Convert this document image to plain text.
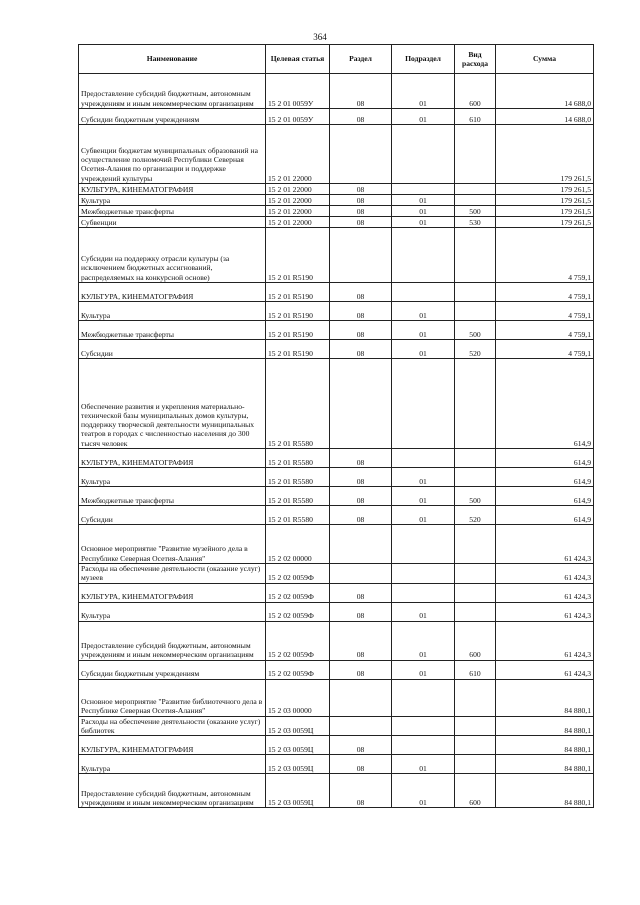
364
Наименование	Целевая статья	Раздел	Подраздел	Вид расхода	Сумма

Предоставление субсидий бюджетным, автономным учреждениям и иным некоммерческим организациям	15 2 01 0059У	08	01	600	14 688,0

Субсидии бюджетным учреждениям	15 2 01 0059У	08	01	610	14 688,0

Субвенции бюджетам муниципальных образований на осуществление полномочий Республики Северная Осетия-Алания по организации и поддержке учреждений культуры	15 2 01 22000				179 261,5

КУЛЬТУРА, КИНЕМАТОГРАФИЯ	15 2 01 22000	08			179 261,5

Культура	15 2 01 22000	08	01		179 261,5

Межбюджетные трансферты	15 2 01 22000	08	01	500	179 261,5

Субвенции	15 2 01 22000	08	01	530	179 261,5

Субсидии на поддержку отрасли культуры (за исключением бюджетных ассигнований, распределяемых на конкурсной основе)	15 2 01 R5190				4 759,1

КУЛЬТУРА, КИНЕМАТОГРАФИЯ	15 2 01 R5190	08			4 759,1

Культура	15 2 01 R5190	08	01		4 759,1

Межбюджетные трансферты	15 2 01 R5190	08	01	500	4 759,1

Субсидии	15 2 01 R5190	08	01	520	4 759,1

Обеспечение развития и укрепления материально-технической базы муниципальных домов культуры, поддержку творческой деятельности муниципальных театров в городах с численностью населения до 300 тысяч человек	15 2 01 R5580				614,9

КУЛЬТУРА, КИНЕМАТОГРАФИЯ	15 2 01 R5580	08			614,9

Культура	15 2 01 R5580	08	01		614,9

Межбюджетные трансферты	15 2 01 R5580	08	01	500	614,9

Субсидии	15 2 01 R5580	08	01	520	614,9

Основное мероприятие "Развитие музейного дела в Республике Северная Осетия-Алания"	15 2 02 00000				61 424,3

Расходы на обеспечение деятельности (оказание услуг) музеев	15 2 02 0059Ф				61 424,3

КУЛЬТУРА, КИНЕМАТОГРАФИЯ	15 2 02 0059Ф	08			61 424,3

Культура	15 2 02 0059Ф	08	01		61 424,3

Предоставление субсидий бюджетным, автономным учреждениям и иным некоммерческим организациям	15 2 02 0059Ф	08	01	600	61 424,3

Субсидии бюджетным учреждениям	15 2 02 0059Ф	08	01	610	61 424,3

Основное мероприятие "Развитие библиотечного дела в Республике Северная Осетия-Алания"	15 2 03 00000				84 880,1

Расходы на обеспечение деятельности (оказание услуг) библиотек	15 2 03 0059Ц				84 880,1

КУЛЬТУРА, КИНЕМАТОГРАФИЯ	15 2 03 0059Ц	08			84 880,1

Культура	15 2 03 0059Ц	08	01		84 880,1

Предоставление субсидий бюджетным, автономным учреждениям и иным некоммерческим организациям	15 2 03 0059Ц	08	01	600	84 880,1
